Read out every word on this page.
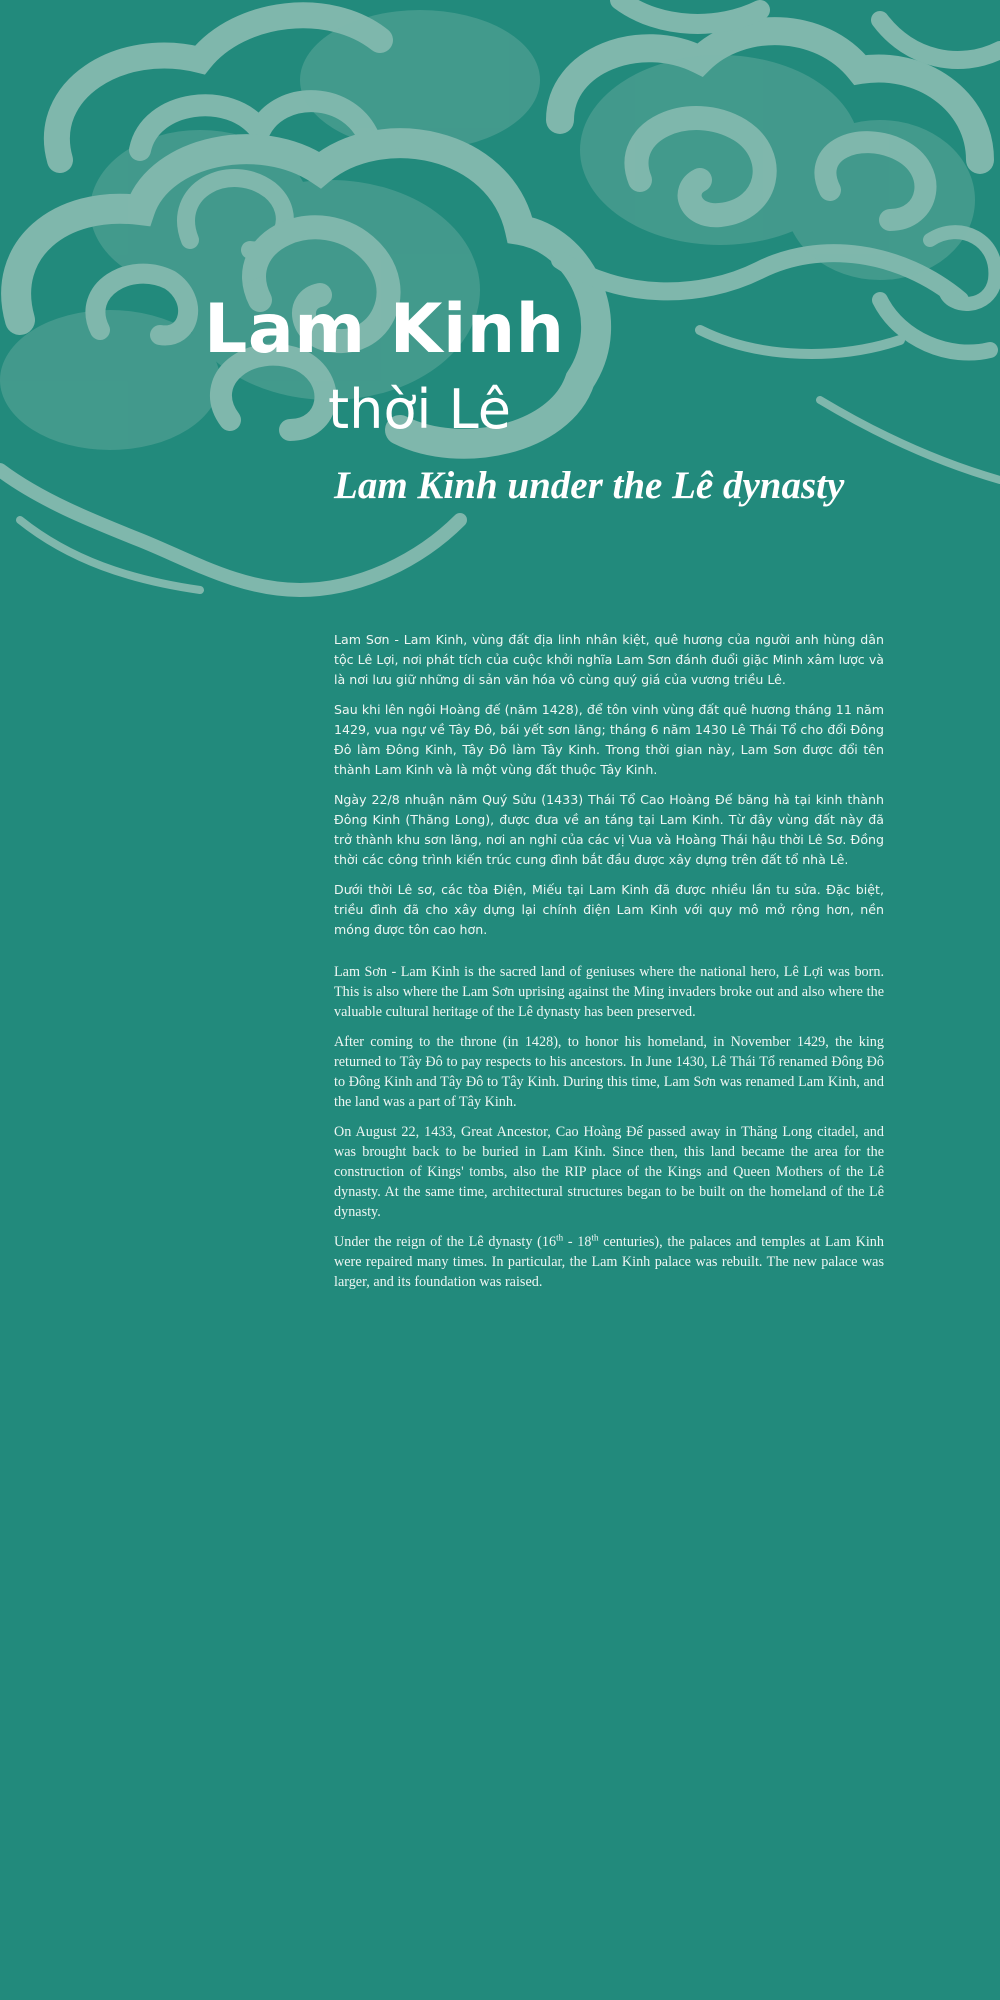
Lam Kinh
thời Lê
Lam Kinh under the Lê dynasty

Lam Sơn - Lam Kinh, vùng đất địa linh nhân kiệt, quê hương của người anh hùng dân tộc Lê Lợi, nơi phát tích của cuộc khởi nghĩa Lam Sơn đánh đuổi giặc Minh xâm lược và là nơi lưu giữ những di sản văn hóa vô cùng quý giá của vương triều Lê.

Sau khi lên ngôi Hoàng đế (năm 1428), để tôn vinh vùng đất quê hương tháng 11 năm 1429, vua ngự về Tây Đô, bái yết sơn lăng; tháng 6 năm 1430 Lê Thái Tổ cho đổi Đông Đô làm Đông Kinh, Tây Đô làm Tây Kinh. Trong thời gian này, Lam Sơn được đổi tên thành Lam Kinh và là một vùng đất thuộc Tây Kinh.

Ngày 22/8 nhuận năm Quý Sửu (1433) Thái Tổ Cao Hoàng Đế băng hà tại kinh thành Đông Kinh (Thăng Long), được đưa về an táng tại Lam Kinh. Từ đây vùng đất này đã trở thành khu sơn lăng, nơi an nghỉ của các vị Vua và Hoàng Thái hậu thời Lê Sơ. Đồng thời các công trình kiến trúc cung đình bắt đầu được xây dựng trên đất tổ nhà Lê.

Dưới thời Lê sơ, các tòa Điện, Miếu tại Lam Kinh đã được nhiều lần tu sửa. Đặc biệt, triều đình đã cho xây dựng lại chính điện Lam Kinh với quy mô mở rộng hơn, nền móng được tôn cao hơn.

Lam Sơn - Lam Kinh is the sacred land of geniuses where the national hero, Lê Lợi was born. This is also where the Lam Sơn uprising against the Ming invaders broke out and also where the valuable cultural heritage of the Lê dynasty has been preserved.

After coming to the throne (in 1428), to honor his homeland, in November 1429, the king returned to Tây Đô to pay respects to his ancestors. In June 1430, Lê Thái Tổ renamed Đông Đô to Đông Kinh and Tây Đô to Tây Kinh. During this time, Lam Sơn was renamed Lam Kinh, and the land was a part of Tây Kinh.

On August 22, 1433, Great Ancestor, Cao Hoàng Đế passed away in Thăng Long citadel, and was brought back to be buried in Lam Kinh. Since then, this land became the area for the construction of Kings' tombs, also the RIP place of the Kings and Queen Mothers of the Lê dynasty. At the same time, architectural structures began to be built on the homeland of the Lê dynasty.

Under the reign of the Lê dynasty (16th - 18th centuries), the palaces and temples at Lam Kinh were repaired many times. In particular, the Lam Kinh palace was rebuilt. The new palace was larger, and its foundation was raised.
